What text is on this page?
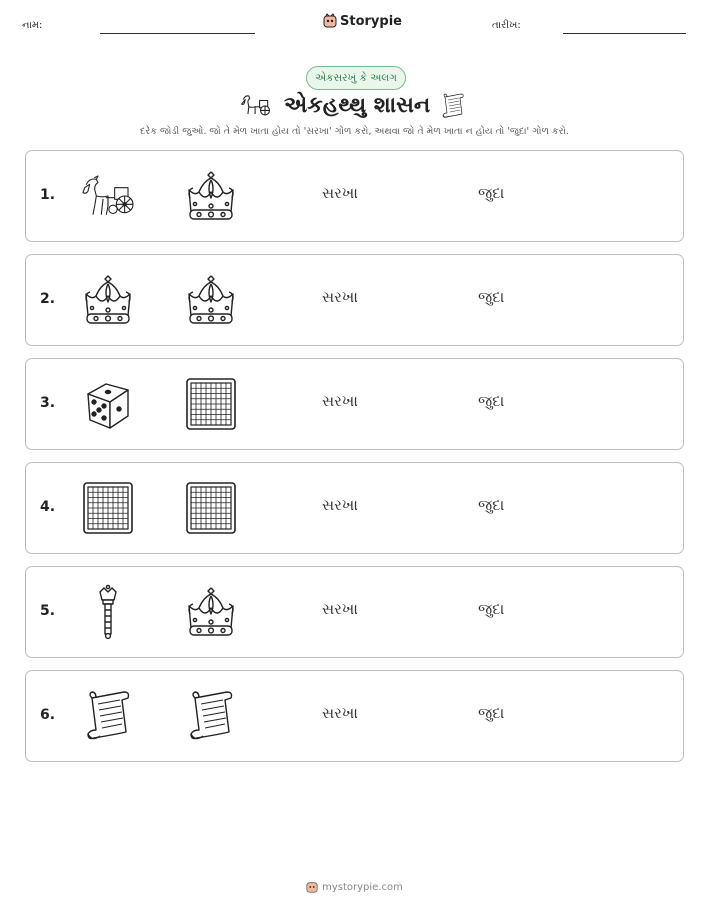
નામ:	Storypie	તારીખ:
એકસરખું કે અલગ
એકહથ્થુ શાસન
દરેક જોડી જુઓ. જો તે મેળ ખાતા હોય તો 'સરખા' ગોળ કરો, અથવા જો તે મેળ ખાતા ન હોય તો 'જુદા' ગોળ કરો.
1.	સરખા	જુદા
2.	સરખા	જુદા
3.	સરખા	જુદા
4.	સરખા	જુદા
5.	સરખા	જુદા
6.	સરખા	જુદા
mystorypie.com
